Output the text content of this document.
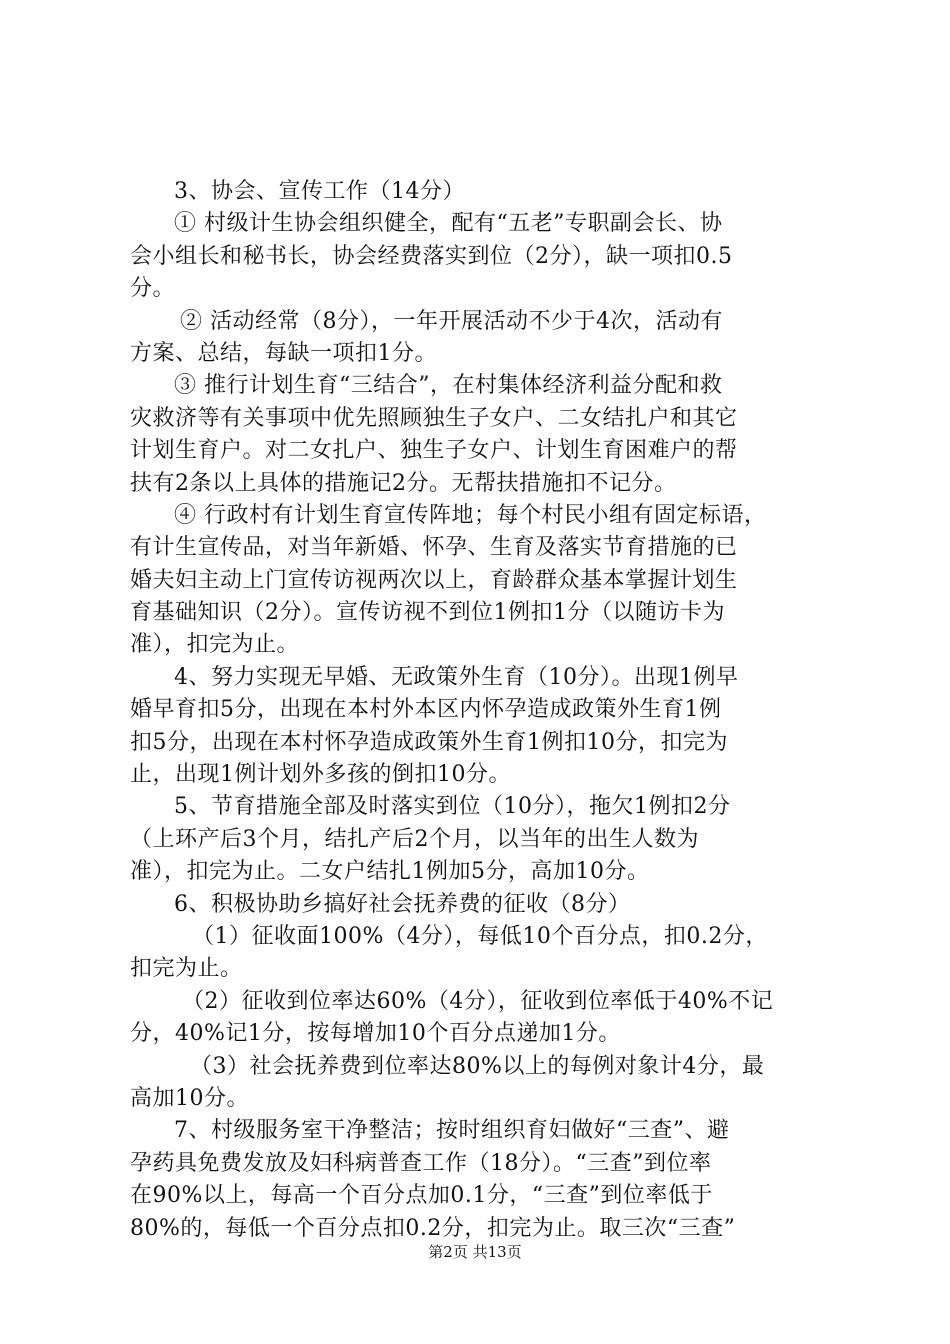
3、协会、宣传工作（14分）
① 村级计生协会组织健全，配有“五老”专职副会长、协
会小组长和秘书长，协会经费落实到位（2分），缺一项扣0.5
分。
② 活动经常（8分），一年开展活动不少于4次，活动有
方案、总结，每缺一项扣1分。
③ 推行计划生育“三结合”，在村集体经济利益分配和救
灾救济等有关事项中优先照顾独生子女户、二女结扎户和其它
计划生育户。对二女扎户、独生子女户、计划生育困难户的帮
扶有2条以上具体的措施记2分。无帮扶措施扣不记分。
④ 行政村有计划生育宣传阵地；每个村民小组有固定标语，
有计生宣传品，对当年新婚、怀孕、生育及落实节育措施的已
婚夫妇主动上门宣传访视两次以上，育龄群众基本掌握计划生
育基础知识（2分）。宣传访视不到位1例扣1分（以随访卡为
准），扣完为止。
4、努力实现无早婚、无政策外生育（10分）。出现1例早
婚早育扣5分，出现在本村外本区内怀孕造成政策外生育1例
扣5分，出现在本村怀孕造成政策外生育1例扣10分，扣完为
止，出现1例计划外多孩的倒扣10分。
5、节育措施全部及时落实到位（10分），拖欠1例扣2分
（上环产后3个月，结扎产后2个月，以当年的出生人数为
准），扣完为止。二女户结扎1例加5分，高加10分。
6、积极协助乡搞好社会抚养费的征收（8分）
（1）征收面100%（4分），每低10个百分点，扣0.2分，
扣完为止。
（2）征收到位率达60%（4分），征收到位率低于40%不记
分，40%记1分，按每增加10个百分点递加1分。
（3）社会抚养费到位率达80%以上的每例对象计4分，最
高加10分。
7、村级服务室干净整洁；按时组织育妇做好“三查”、避
孕药具免费发放及妇科病普查工作（18分）。“三查”到位率
在90%以上，每高一个百分点加0.1分，“三查”到位率低于
80%的，每低一个百分点扣0.2分，扣完为止。取三次“三查”
第2页 共13页
